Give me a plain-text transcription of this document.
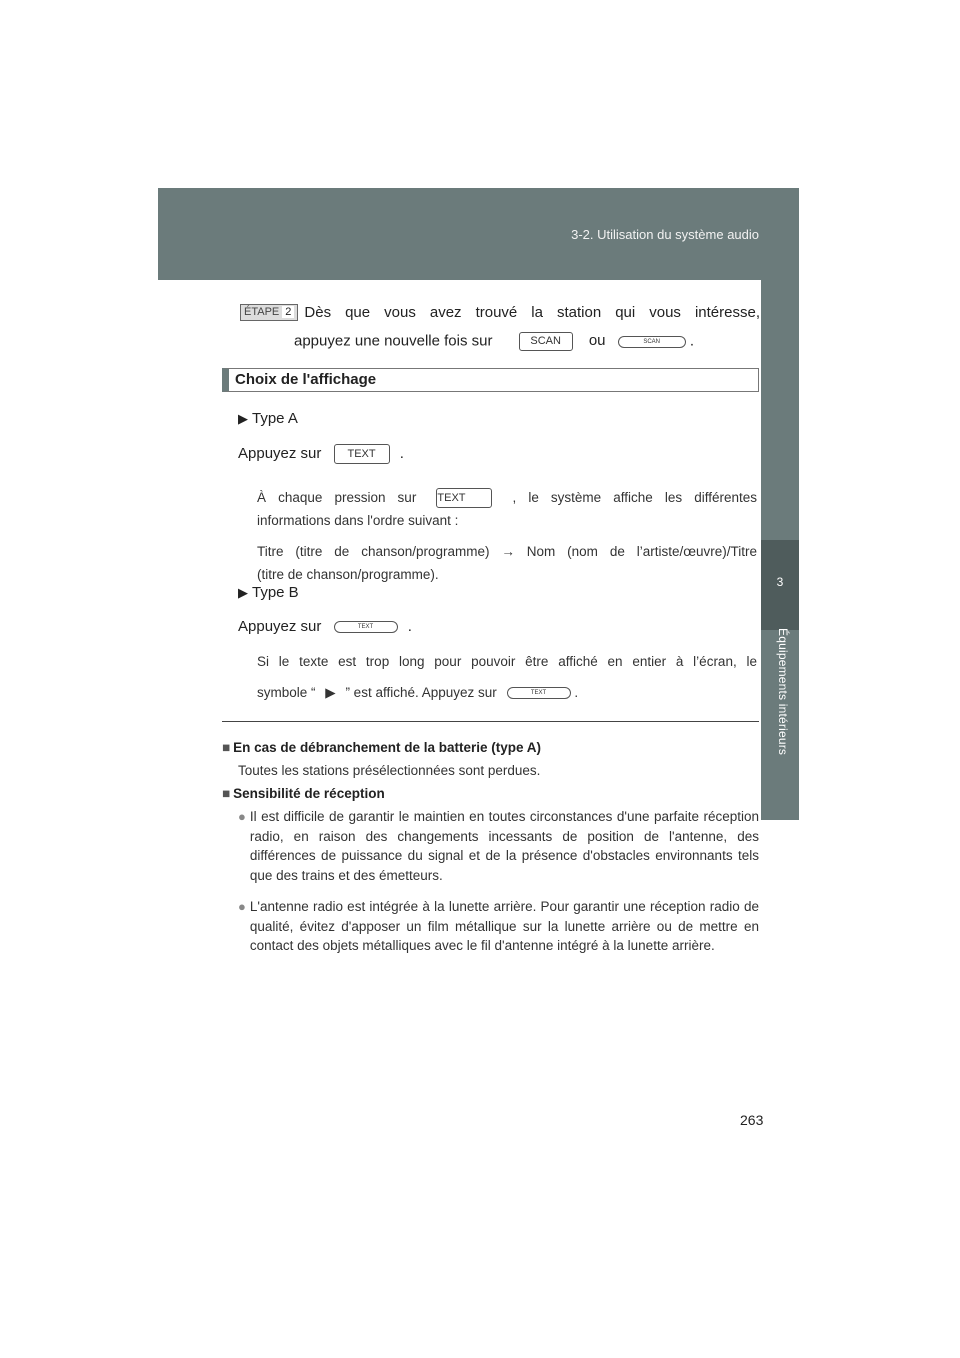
3-2. Utilisation du système audio
3
Équipements intérieurs
ÉTAPE 2 Dès que vous avez trouvé la station qui vous intéresse,
appuyez une nouvelle fois sur	SCAN ou	SCAN .
Choix de l'affichage
▶ Type A
Appuyez sur TEXT .
À chaque pression sur TEXT	, le système affiche les différentes
informations dans l'ordre suivant :
Titre (titre de chanson/programme) → Nom (nom de l’artiste/œuvre)/Titre
(titre de chanson/programme).
▶ Type B
Appuyez sur	TEXT .
Si le texte est trop long pour pouvoir être affiché en entier à l’écran, le
symbole “ ▶ ” est affiché. Appuyez sur	TEXT .
■ En cas de débranchement de la batterie (type A)
Toutes les stations présélectionnées sont perdues.
■ Sensibilité de réception
● Il est difficile de garantir le maintien en toutes circonstances d'une parfaite réception radio, en raison des changements incessants de position de l'antenne, des différences de puissance du signal et de la présence d'obstacles environnants tels que des trains et des émetteurs.
● L'antenne radio est intégrée à la lunette arrière. Pour garantir une réception radio de qualité, évitez d'apposer un film métallique sur la lunette arrière ou de mettre en contact des objets métalliques avec le fil d'antenne intégré à la lunette arrière.
263
